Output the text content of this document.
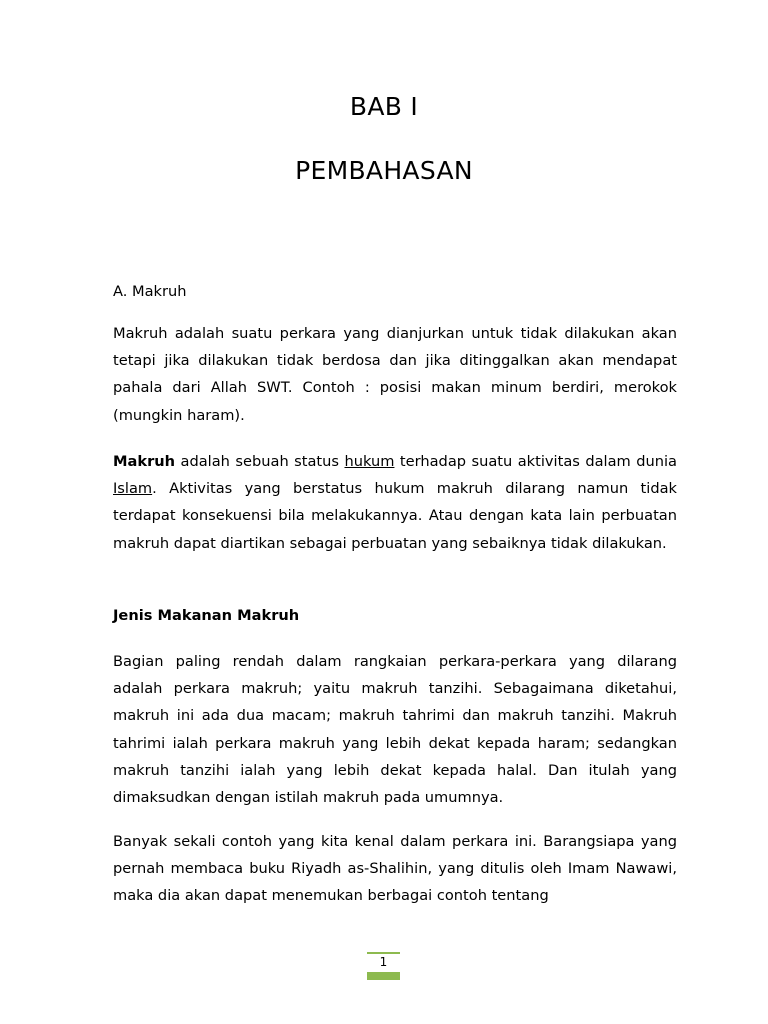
BAB I
PEMBAHASAN
A. Makruh

Makruh adalah suatu perkara yang dianjurkan untuk tidak dilakukan akan tetapi jika dilakukan tidak berdosa dan jika ditinggalkan akan mendapat pahala dari Allah SWT. Contoh : posisi makan minum berdiri, merokok (mungkin haram).

Makruh adalah sebuah status hukum terhadap suatu aktivitas dalam dunia Islam. Aktivitas yang berstatus hukum makruh dilarang namun tidak terdapat konsekuensi bila melakukannya. Atau dengan kata lain perbuatan makruh dapat diartikan sebagai perbuatan yang sebaiknya tidak dilakukan.

Jenis Makanan Makruh

Bagian paling rendah dalam rangkaian perkara-perkara yang dilarang adalah perkara makruh; yaitu makruh tanzihi. Sebagaimana diketahui, makruh ini ada dua macam; makruh tahrimi dan makruh tanzihi. Makruh tahrimi ialah perkara makruh yang lebih dekat kepada haram; sedangkan makruh tanzihi ialah yang lebih dekat kepada halal. Dan itulah yang dimaksudkan dengan istilah makruh pada umumnya.

Banyak sekali contoh yang kita kenal dalam perkara ini. Barangsiapa yang pernah membaca buku Riyadh as-Shalihin, yang ditulis oleh Imam Nawawi, maka dia akan dapat menemukan berbagai contoh tentang

1
